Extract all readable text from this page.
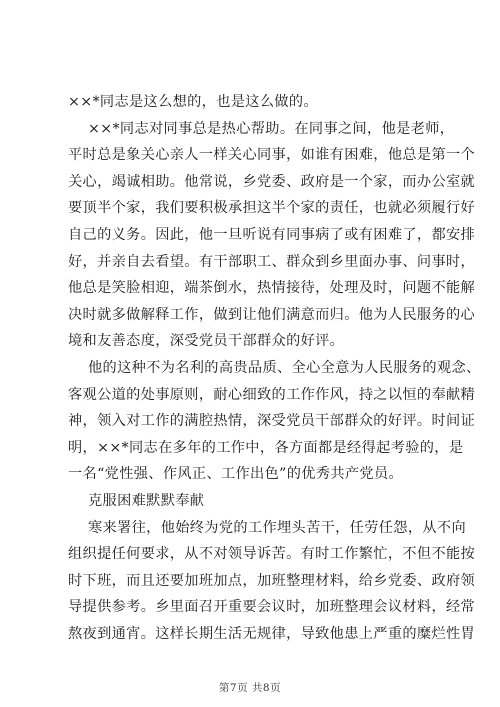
××*同志是这么想的，也是这么做的。
××*同志对同事总是热心帮助。在同事之间，他是老师，
平时总是象关心亲人一样关心同事，如谁有困难，他总是第一个
关心，竭诚相助。他常说，乡党委、政府是一个家，而办公室就
要顶半个家，我们要积极承担这半个家的责任，也就必须履行好
自己的义务。因此，他一旦听说有同事病了或有困难了，都安排
好，并亲自去看望。有干部职工、群众到乡里面办事、问事时，
他总是笑脸相迎，端茶倒水，热情接待，处理及时，问题不能解
决时就多做解释工作，做到让他们满意而归。他为人民服务的心
境和友善态度，深受党员干部群众的好评。
他的这种不为名利的高贵品质、全心全意为人民服务的观念、
客观公道的处事原则，耐心细致的工作作风，持之以恒的奉献精
神，领入对工作的满腔热情，深受党员干部群众的好评。时间证
明，××*同志在多年的工作中，各方面都是经得起考验的，是
一名“党性强、作风正、工作出色”的优秀共产党员。
克服困难默默奉献
寒来署往，他始终为党的工作埋头苦干，任劳任怨，从不向
组织提任何要求，从不对领导诉苦。有时工作繁忙，不但不能按
时下班，而且还要加班加点，加班整理材料，给乡党委、政府领
导提供参考。乡里面召开重要会议时，加班整理会议材料，经常
熬夜到通宵。这样长期生活无规律，导致他患上严重的糜烂性胃
第7页 共8页
